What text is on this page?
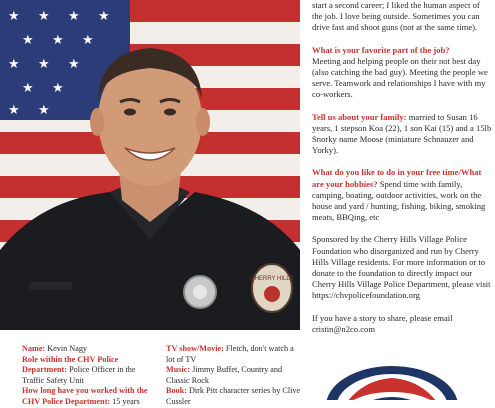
★ ★ ★ ★
★ ★ ★
★ ★ ★
★ ★
★ ★
CHERRY HILLS

start a second career; I liked the human aspect of the job. I love being outside. Sometimes you can drive fast and shoot guns (not at the same time).

What is your favorite part of the job?
Meeting and helping people on their not best day (also catching the bad guy). Meeting the people we serve. Teamwork and relationships I have with my co-workers.

Tell us about your family: married to Susan 16 years, 1 stepson Koa (22), 1 son Kai (15) and a 15lb Snorky name Moose (miniature Schnauzer and Yorky).

What do you like to do in your free time/What are your hobbies? Spend time with family, camping, boating, outdoor activities, work on the house and yard / hunting, fishing, biking, smoking meats, BBQing, etc

Sponsored by the Cherry Hills Village Police Foundation who disorganized and run by Cherry Hills Village residents. For more information or to donate to the foundation to directly impact our Cherry Hills Village Police Department, please visit https://chvpolicefoundation.org

If you have a story to share, please email cristin@n2co.com

Name: Kevin Nagy
Role within the CHV Police Department: Police Officer in the Traffic Safety Unit
How long have you worked with the CHV Police Department: 15 years
TV show/Movie: Fletch, don't watch a lot of TV
Music: Jimmy Buffet, Country and Classic Rock
Book: Dirk Pitt character series by Clive Cussler
